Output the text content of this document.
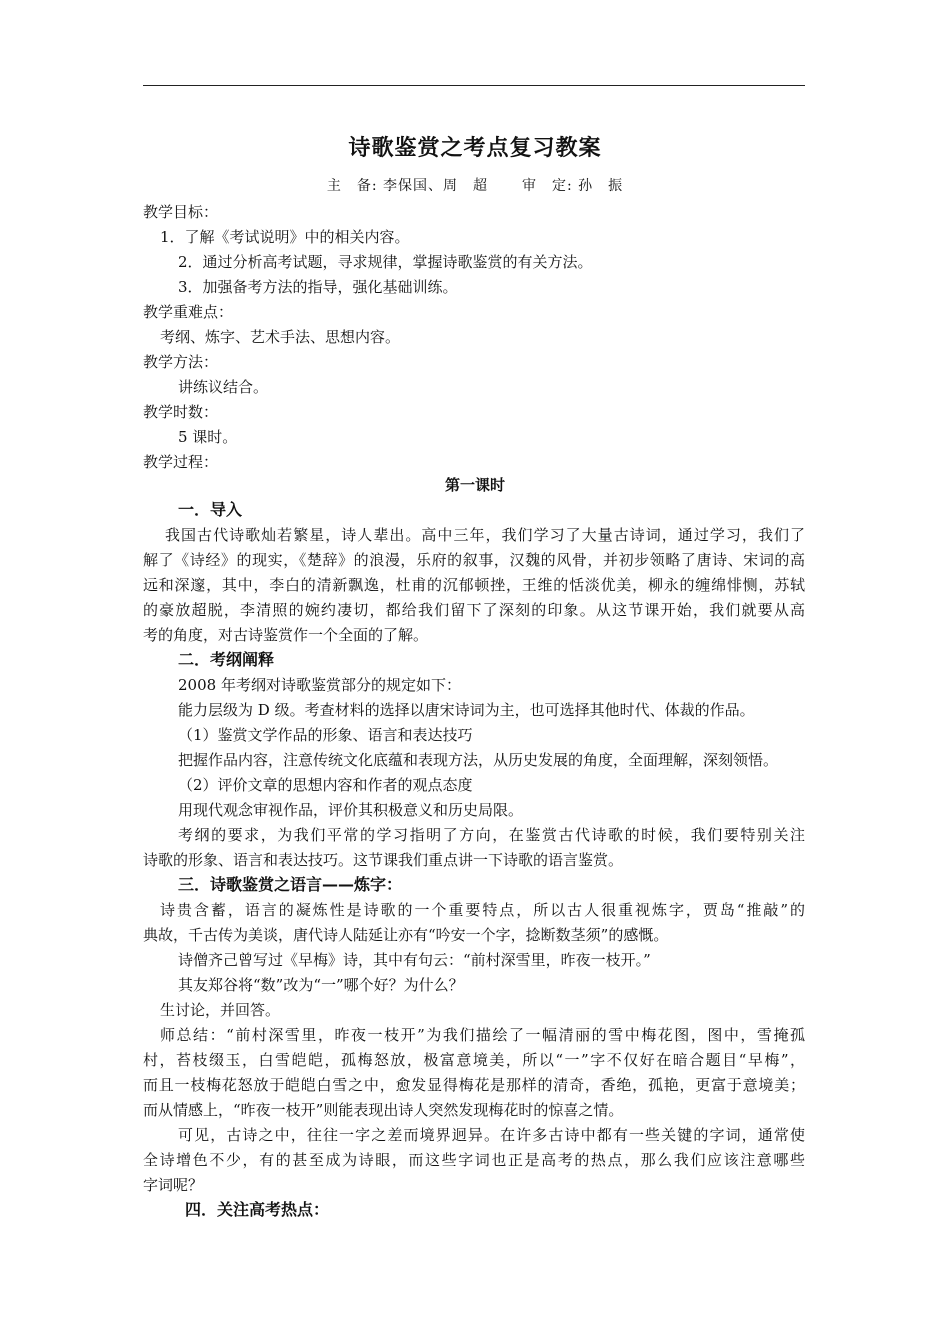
诗歌鉴赏之考点复习教案
主　备: 李保国、周　超 审　定: 孙　振
教学目标：
1．了解《考试说明》中的相关内容。
2．通过分析高考试题，寻求规律，掌握诗歌鉴赏的有关方法。
3．加强备考方法的指导，强化基础训练。
教学重难点：
考纲、炼字、艺术手法、思想内容。
教学方法：
讲练议结合。
教学时数：
5 课时。
教学过程：
第一课时
一．导入
我国古代诗歌灿若繁星，诗人辈出。高中三年，我们学习了大量古诗词，通过学习，我们了
解了《诗经》的现实，《楚辞》的浪漫，乐府的叙事，汉魏的风骨，并初步领略了唐诗、宋词的高
远和深邃，其中，李白的清新飘逸，杜甫的沉郁顿挫，王维的恬淡优美，柳永的缠绵悱恻，苏轼
的豪放超脱，李清照的婉约凄切，都给我们留下了深刻的印象。从这节课开始，我们就要从高
考的角度，对古诗鉴赏作一个全面的了解。
二．考纲阐释
2008 年考纲对诗歌鉴赏部分的规定如下：
能力层级为 D 级。考查材料的选择以唐宋诗词为主，也可选择其他时代、体裁的作品。
（1）鉴赏文学作品的形象、语言和表达技巧
把握作品内容，注意传统文化底蕴和表现方法，从历史发展的角度，全面理解，深刻领悟。
（2）评价文章的思想内容和作者的观点态度
用现代观念审视作品，评价其积极意义和历史局限。
考纲的要求，为我们平常的学习指明了方向，在鉴赏古代诗歌的时候，我们要特别关注
诗歌的形象、语言和表达技巧。这节课我们重点讲一下诗歌的语言鉴赏。
三．诗歌鉴赏之语言——炼字：
诗贵含蓄，语言的凝炼性是诗歌的一个重要特点，所以古人很重视炼字，贾岛“推敲”的
典故，千古传为美谈，唐代诗人陆延让亦有“吟安一个字，捻断数茎须”的感慨。
诗僧齐己曾写过《早梅》诗，其中有句云：“前村深雪里，昨夜一枝开。”
其友郑谷将“数”改为“一”哪个好？为什么？
生讨论，并回答。
师总结：“前村深雪里，昨夜一枝开”为我们描绘了一幅清丽的雪中梅花图，图中，雪掩孤
村，苔枝缀玉，白雪皑皑，孤梅怒放，极富意境美，所以“一”字不仅好在暗合题目“早梅”，
而且一枝梅花怒放于皑皑白雪之中，愈发显得梅花是那样的清奇，香绝，孤艳，更富于意境美；
而从情感上，“昨夜一枝开”则能表现出诗人突然发现梅花时的惊喜之情。
可见，古诗之中，往往一字之差而境界迥异。在许多古诗中都有一些关键的字词，通常使
全诗增色不少，有的甚至成为诗眼，而这些字词也正是高考的热点，那么我们应该注意哪些
字词呢？
四．关注高考热点：
